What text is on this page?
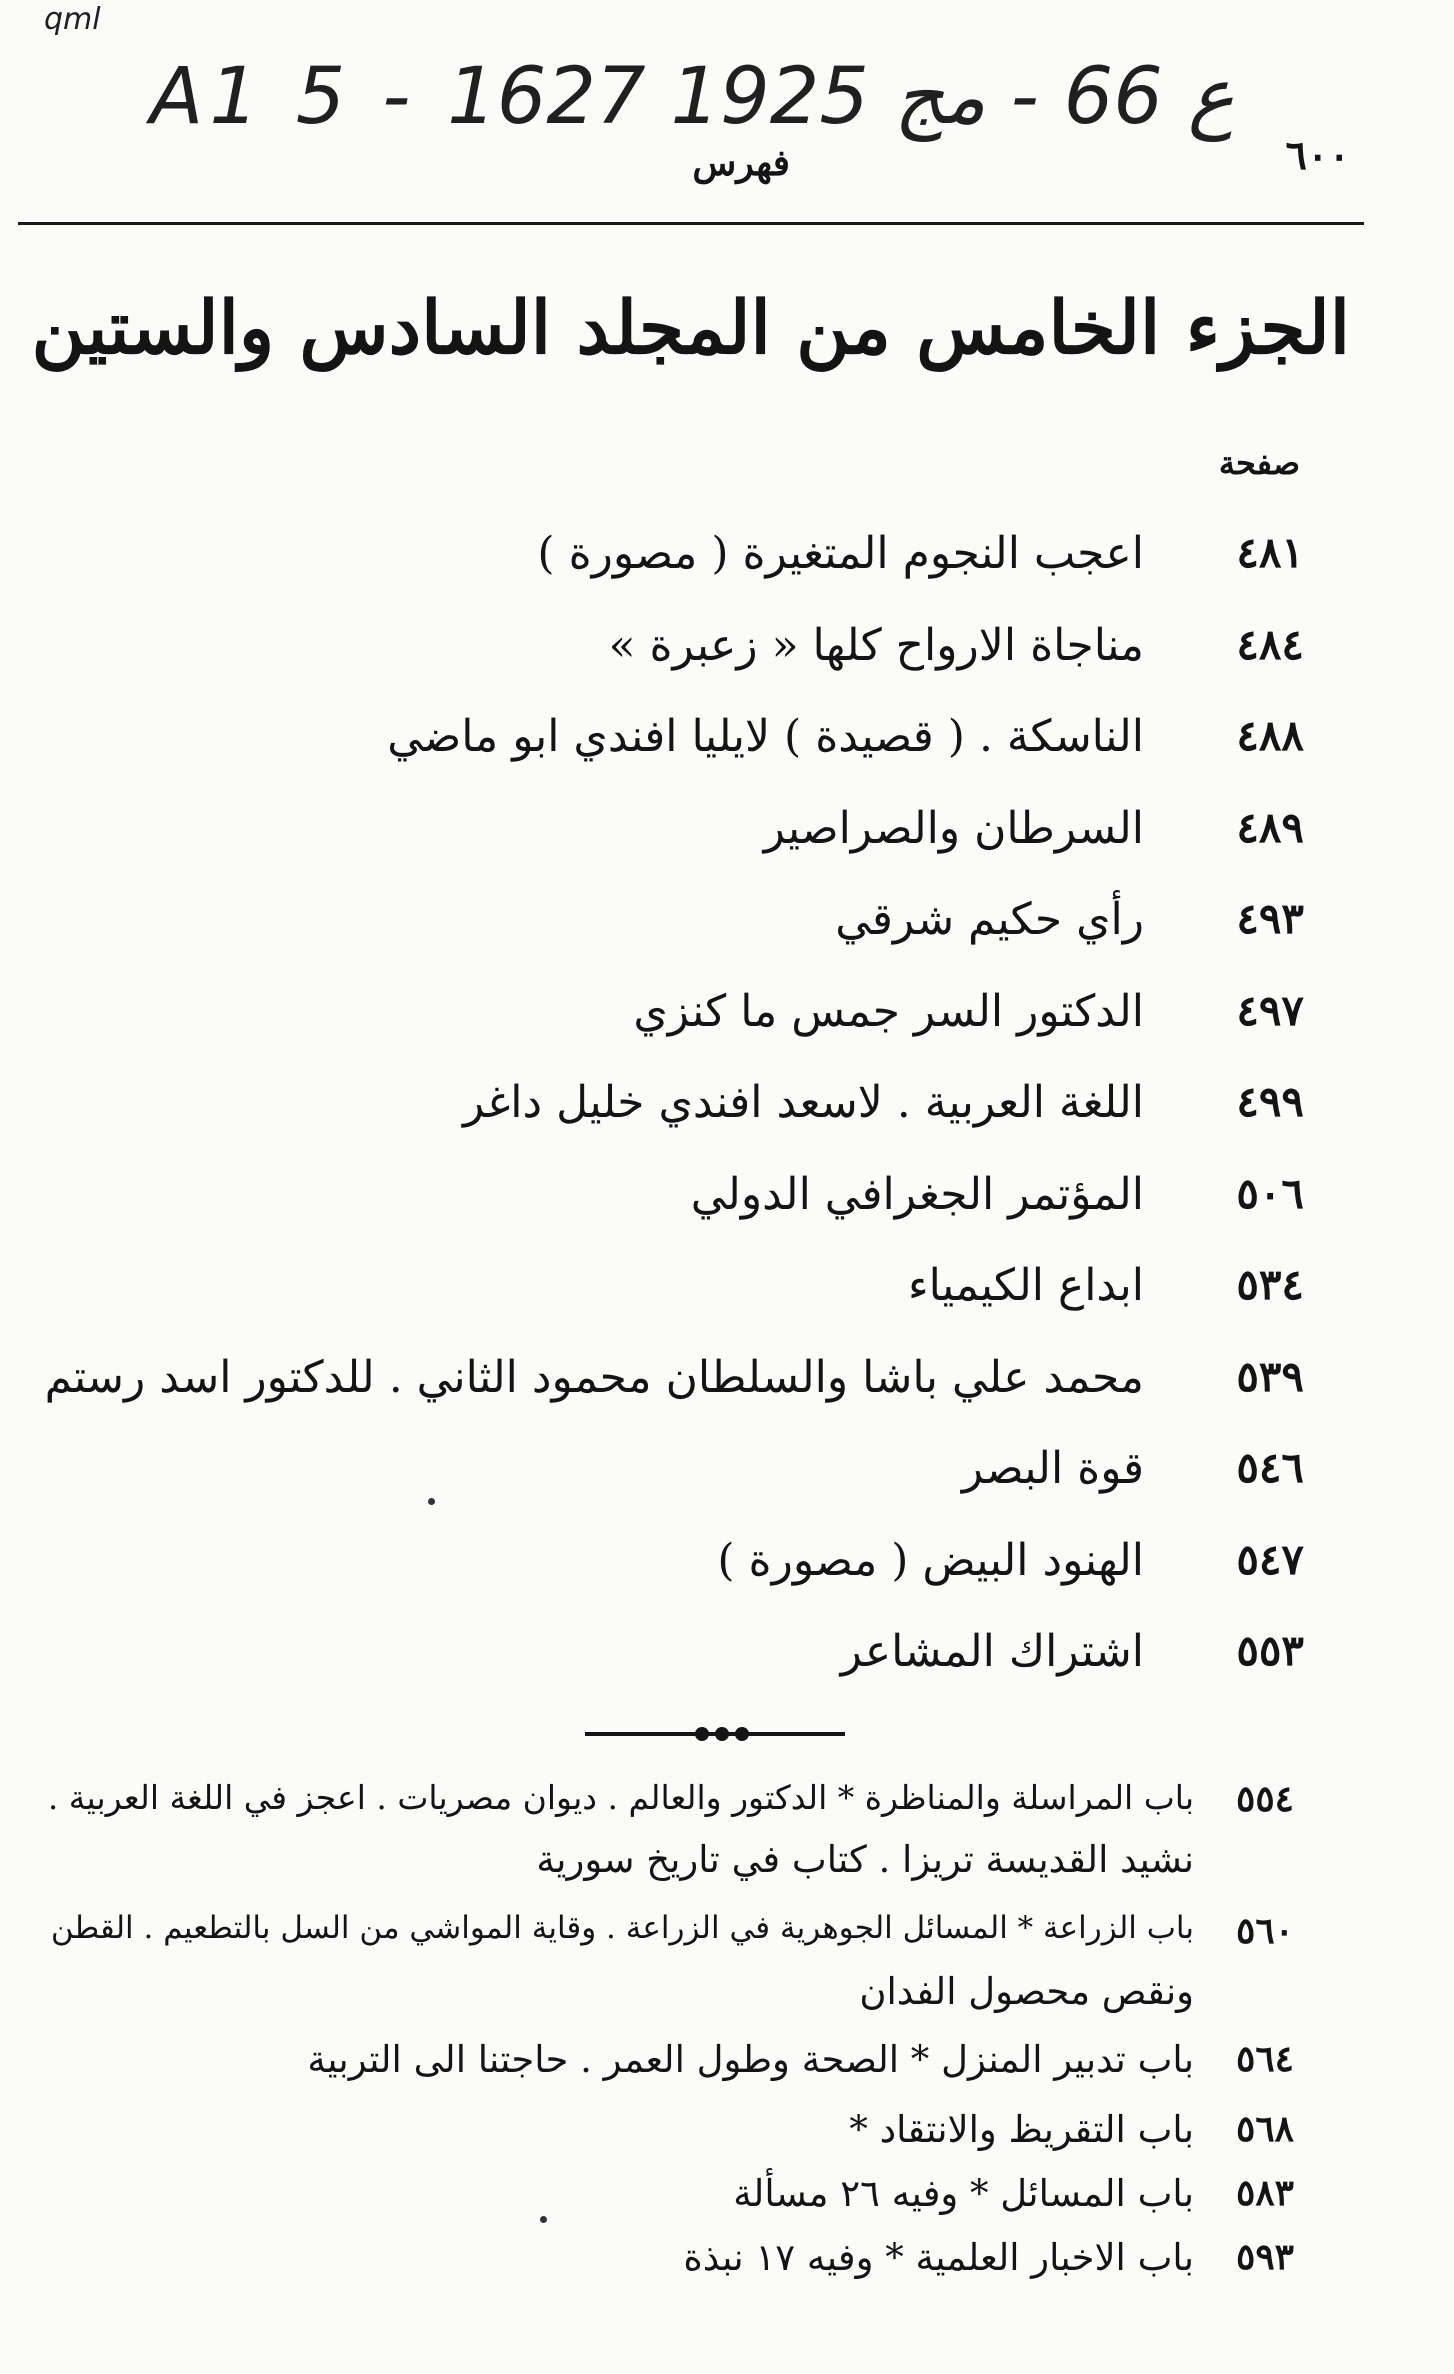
qml
A1 5 - ع 66 - مج 1925 1627
٦٠٠
فهرس
الجزء الخامس من المجلد السادس والستين
صفحة
٤٨١
اعجب النجوم المتغيرة ( مصورة )
٤٨٤
مناجاة الارواح كلها « زعبرة »
٤٨٨
الناسكة . ( قصيدة ) لايليا افندي ابو ماضي
٤٨٩
السرطان والصراصير
٤٩٣
رأي حكيم شرقي
٤٩٧
الدكتور السر جمس ما كنزي
٤٩٩
اللغة العربية . لاسعد افندي خليل داغر
٥٠٦
المؤتمر الجغرافي الدولي
٥٣٤
ابداع الكيمياء
٥٣٩
محمد علي باشا والسلطان محمود الثاني . للدكتور اسد رستم
٥٤٦
قوة البصر
٥٤٧
الهنود البيض ( مصورة )
٥٥٣
اشتراك المشاعر
٥٥٤
باب المراسلة والمناظرة * الدكتور والعالم . ديوان مصريات . اعجز في اللغة العربية .
نشيد القديسة تريزا . كتاب في تاريخ سورية
٥٦٠
باب الزراعة * المسائل الجوهرية في الزراعة . وقاية المواشي من السل بالتطعيم . القطن
ونقص محصول الفدان
٥٦٤
باب تدبير المنزل * الصحة وطول العمر . حاجتنا الى التربية
٥٦٨
باب التقريظ والانتقاد *
٥٨٣
باب المسائل * وفيه ٢٦ مسألة
٥٩٣
باب الاخبار العلمية * وفيه ١٧ نبذة
